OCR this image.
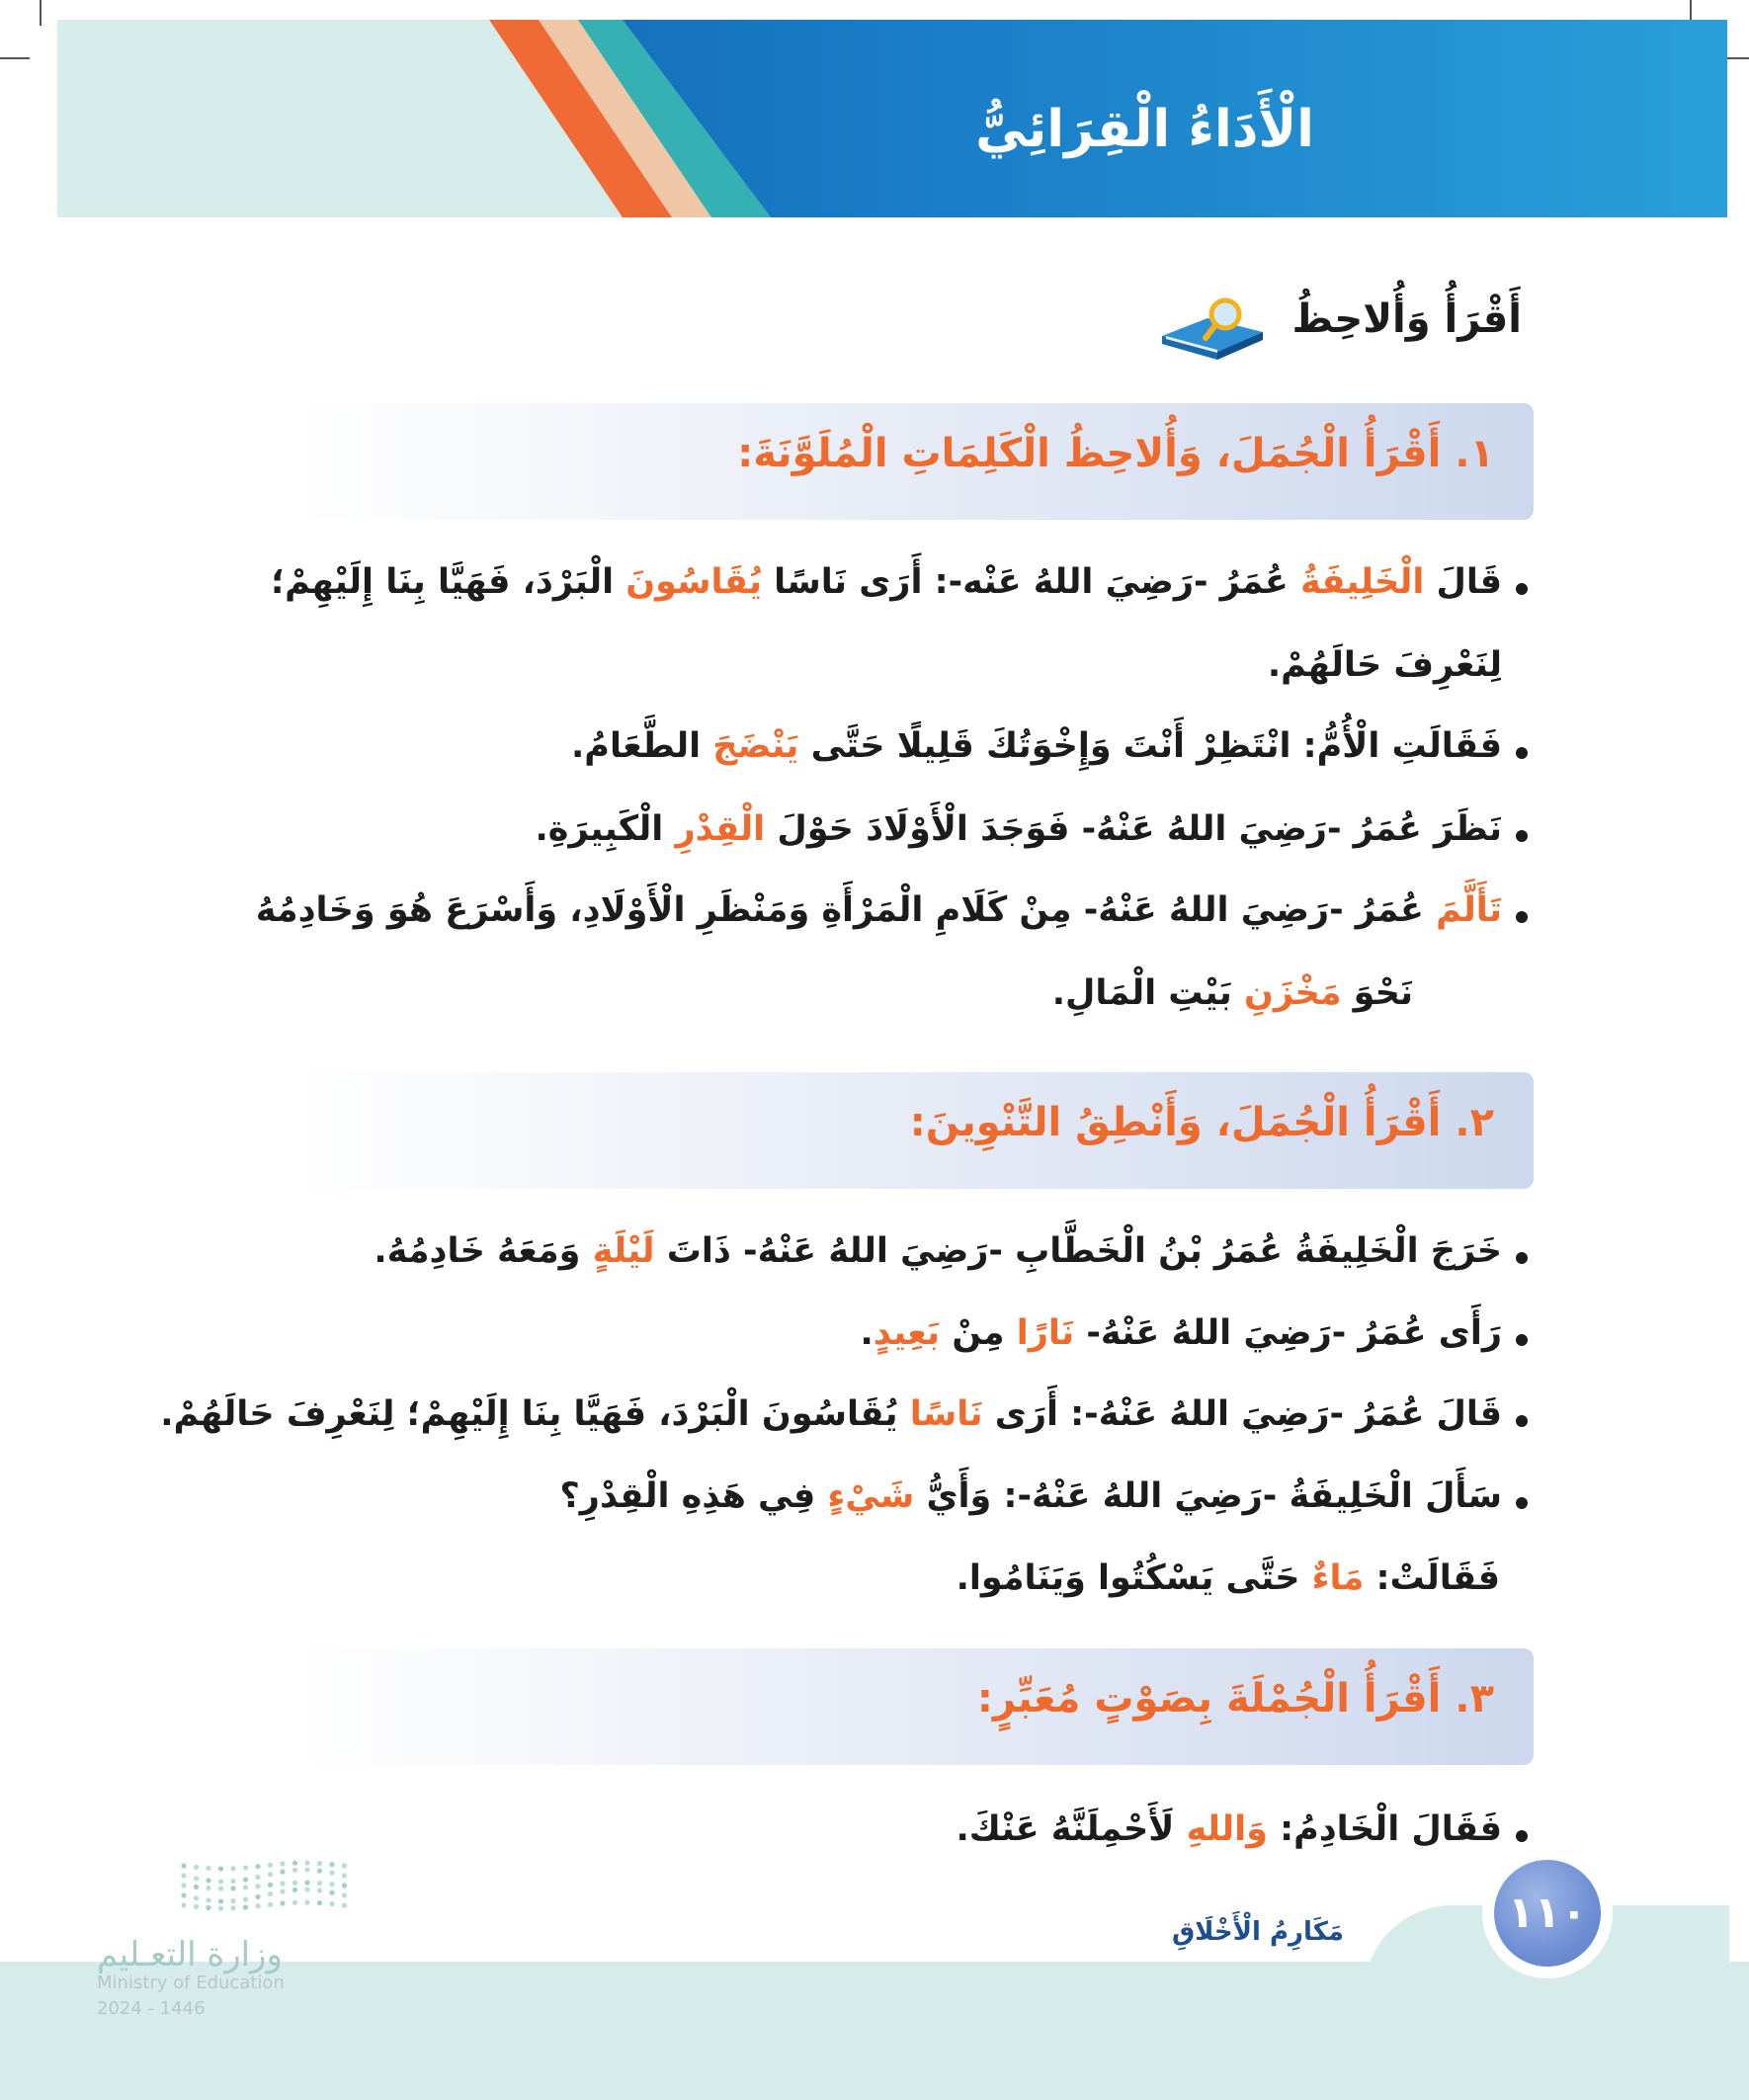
الْأَدَاءُ الْقِرَائِيُّ
أَقْرَأُ وَأُلاحِظُ
١.أَقْرَأُ الْجُمَلَ، وَأُلاحِظُ الْكَلِمَاتِ الْمُلَوَّنَةَ:
قَالَ الْخَلِيفَةُ عُمَرُ -رَضِيَ اللهُ عَنْه-: أَرَى نَاسًا يُقَاسُونَ الْبَرْدَ، فَهَيَّا بِنَا إِلَيْهِمْ؛
لِنَعْرِفَ حَالَهُمْ.
فَقَالَتِ الْأُمُّ: انْتَظِرْ أَنْتَ وَإِخْوَتُكَ قَلِيلًا حَتَّى يَنْضَجَ الطَّعَامُ.
نَظَرَ عُمَرُ -رَضِيَ اللهُ عَنْهُ- فَوَجَدَ الْأَوْلَادَ حَوْلَ الْقِدْرِ الْكَبِيرَةِ.
تَأَلَّمَ عُمَرُ -رَضِيَ اللهُ عَنْهُ- مِنْ كَلَامِ الْمَرْأَةِ وَمَنْظَرِ الْأَوْلَادِ، وَأَسْرَعَ هُوَ وَخَادِمُهُ
نَحْوَ مَخْزَنِ بَيْتِ الْمَالِ.
٢.أَقْرَأُ الْجُمَلَ، وَأَنْطِقُ التَّنْوِينَ:
خَرَجَ الْخَلِيفَةُ عُمَرُ بْنُ الْخَطَّابِ -رَضِيَ اللهُ عَنْهُ- ذَاتَ لَيْلَةٍ وَمَعَهُ خَادِمُهُ.
رَأَى عُمَرُ -رَضِيَ اللهُ عَنْهُ- نَارًا مِنْ بَعِيدٍ.
قَالَ عُمَرُ -رَضِيَ اللهُ عَنْهُ-: أَرَى نَاسًا يُقَاسُونَ الْبَرْدَ، فَهَيَّا بِنَا إِلَيْهِمْ؛ لِنَعْرِفَ حَالَهُمْ.
سَأَلَ الْخَلِيفَةُ -رَضِيَ اللهُ عَنْهُ-: وَأَيُّ شَيْءٍ فِي هَذِهِ الْقِدْرِ؟
فَقَالَتْ: مَاءٌ حَتَّى يَسْكُتُوا وَيَنَامُوا.
٣.أَقْرَأُ الْجُمْلَةَ بِصَوْتٍ مُعَبِّرٍ:
فَقَالَ الْخَادِمُ: وَاللهِ لَأَحْمِلَنَّهُ عَنْكَ.
١١٠
مَكَارِمُ الْأَخْلَاقِ
وزارة التعـليم
Ministry of Education
2024 - 1446
